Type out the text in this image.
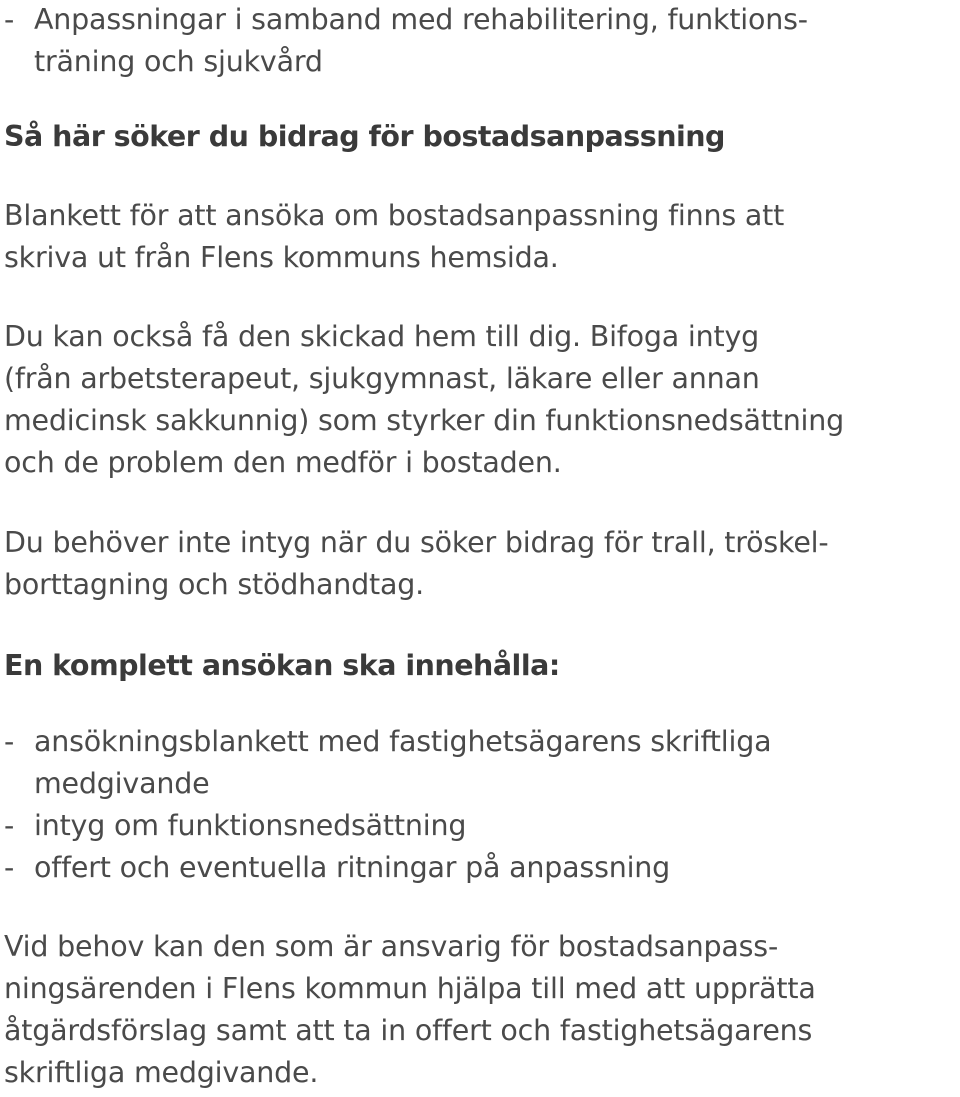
- Anpassningar i samband med rehabilitering, funktions-
träning och sjukvård
Så här söker du bidrag för bostadsanpassning
Blankett för att ansöka om bostadsanpassning finns att
skriva ut från Flens kommuns hemsida.
Du kan också få den skickad hem till dig. Bifoga intyg
(från arbetsterapeut, sjukgymnast, läkare eller annan
medicinsk sakkunnig) som styrker din funktionsnedsättning
och de problem den medför i bostaden.
Du behöver inte intyg när du söker bidrag för trall, tröskel-
borttagning och stödhandtag.
En komplett ansökan ska innehålla:
- ansökningsblankett med fastighetsägarens skriftliga
medgivande
- intyg om funktionsnedsättning
- offert och eventuella ritningar på anpassning
Vid behov kan den som är ansvarig för bostadsanpass-
ningsärenden i Flens kommun hjälpa till med att upprätta
åtgärdsförslag samt att ta in offert och fastighetsägarens
skriftliga medgivande.
